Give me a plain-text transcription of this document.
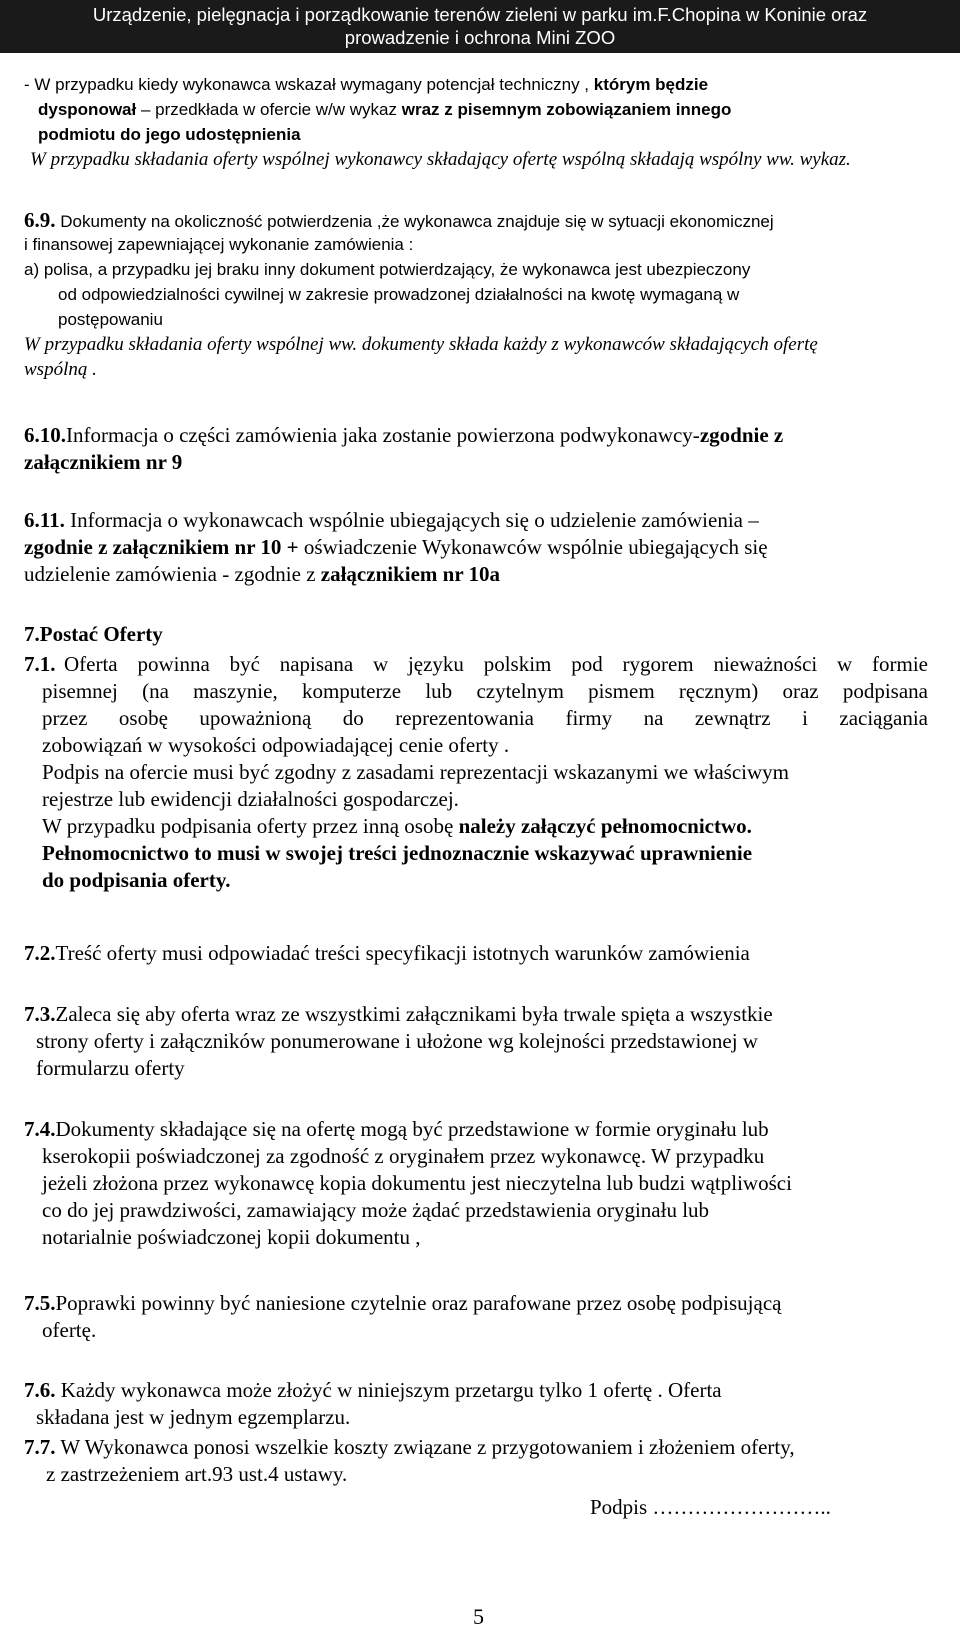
Urządzenie, pielęgnacja i porządkowanie terenów zieleni w parku im.F.Chopina w Koninie oraz
prowadzenie i ochrona Mini ZOO
- W przypadku kiedy wykonawca wskazał wymagany potencjał techniczny , którym będzie
dysponował – przedkłada w ofercie w/w wykaz wraz z pisemnym zobowiązaniem innego
podmiotu do jego udostępnienia
W przypadku składania oferty wspólnej wykonawcy składający ofertę wspólną składają wspólny ww. wykaz.
6.9. Dokumenty na okoliczność potwierdzenia ,że wykonawca znajduje się w sytuacji ekonomicznej
i finansowej zapewniającej wykonanie zamówienia :
a) polisa, a przypadku jej braku inny dokument potwierdzający, że wykonawca jest ubezpieczony
od odpowiedzialności cywilnej w zakresie prowadzonej działalności na kwotę wymaganą w
postępowaniu
W przypadku składania oferty wspólnej ww. dokumenty składa każdy z wykonawców składających ofertę
wspólną .
6.10.Informacja o części zamówienia jaka zostanie powierzona podwykonawcy-zgodnie z
załącznikiem nr 9
6.11. Informacja o wykonawcach wspólnie ubiegających się o udzielenie zamówienia –
zgodnie z załącznikiem nr 10 + oświadczenie Wykonawców wspólnie ubiegających się
udzielenie zamówienia - zgodnie z załącznikiem nr 10a
7.Postać Oferty
7.1. Oferta powinna być napisana w języku polskim pod rygorem nieważności w formie
pisemnej (na maszynie, komputerze lub czytelnym pismem ręcznym) oraz podpisana
przez osobę upoważnioną do reprezentowania firmy na zewnątrz i zaciągania
zobowiązań w wysokości odpowiadającej cenie oferty .
Podpis na ofercie musi być zgodny z zasadami reprezentacji wskazanymi we właściwym
rejestrze lub ewidencji działalności gospodarczej.
W przypadku podpisania oferty przez inną osobę należy załączyć pełnomocnictwo.
Pełnomocnictwo to musi w swojej treści jednoznacznie wskazywać uprawnienie
do podpisania oferty.
7.2.Treść oferty musi odpowiadać treści specyfikacji istotnych warunków zamówienia
7.3.Zaleca się aby oferta wraz ze wszystkimi załącznikami była trwale spięta a wszystkie
strony oferty i załączników ponumerowane i ułożone wg kolejności przedstawionej w
formularzu oferty
7.4.Dokumenty składające się na ofertę mogą być przedstawione w formie oryginału lub
kserokopii poświadczonej za zgodność z oryginałem przez wykonawcę. W przypadku
jeżeli złożona przez wykonawcę kopia dokumentu jest nieczytelna lub budzi wątpliwości
co do jej prawdziwości, zamawiający może żądać przedstawienia oryginału lub
notarialnie poświadczonej kopii dokumentu ,
7.5.Poprawki powinny być naniesione czytelnie oraz parafowane przez osobę podpisującą
ofertę.
7.6. Każdy wykonawca może złożyć w niniejszym przetargu tylko 1 ofertę . Oferta
składana jest w jednym egzemplarzu.
7.7. W Wykonawca ponosi wszelkie koszty związane z przygotowaniem i złożeniem oferty,
z zastrzeżeniem art.93 ust.4 ustawy.
Podpis ……………………..
5
